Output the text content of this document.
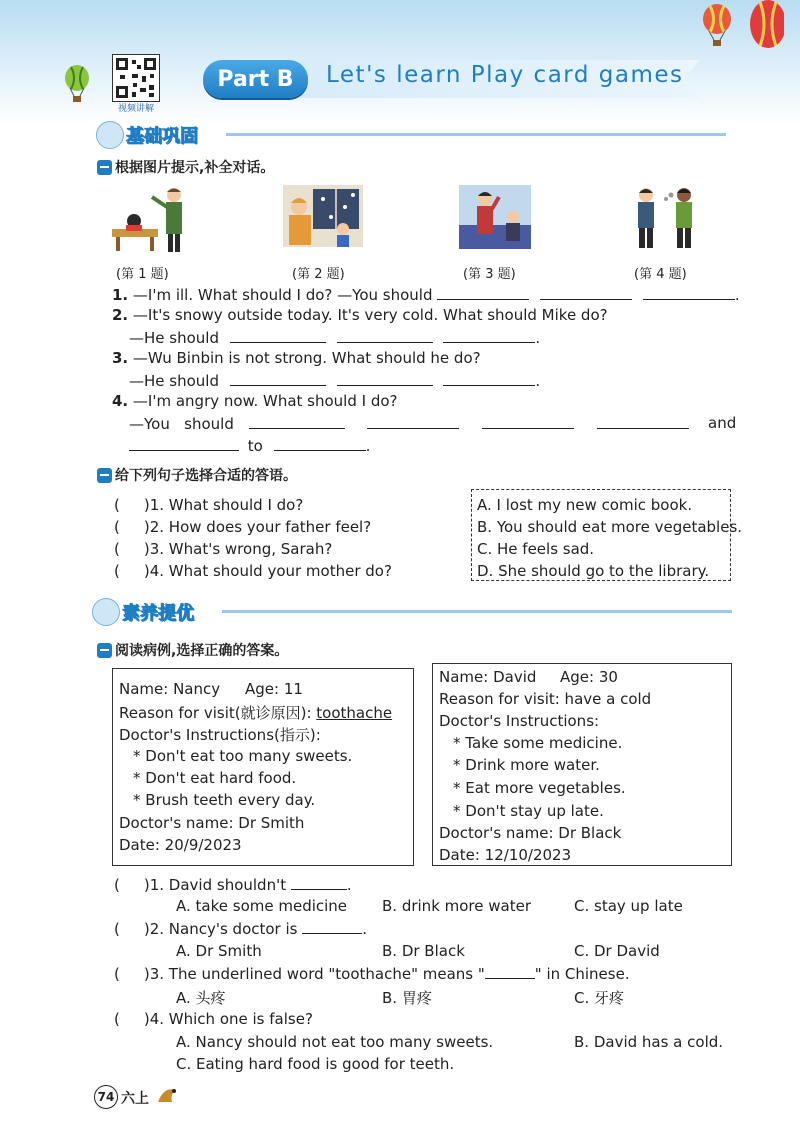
视频讲解
Part B	Let's learn Play card games
基础巩固
根据图片提示,补全对话。
(第 1 题)	(第 2 题)	(第 3 题)	(第 4 题)
1. —I'm ill. What should I do? —You should	.
2. —It's snowy outside today. It's very cold. What should Mike do?
—He should	.
3. —Wu Binbin is not strong. What should he do?
—He should	.
4. —I'm angry now. What should I do?
—You should	and
to	.
给下列句子选择合适的答语。
( )1. What should I do?
( )2. How does your father feel?
( )3. What's wrong, Sarah?
( )4. What should your mother do?
A. I lost my new comic book.
B. You should eat more vegetables.
C. He feels sad.
D. She should go to the library.
素养提优
阅读病例,选择正确的答案。
Name: Nancy Age: 11
Reason for visit(就诊原因): toothache
Doctor's Instructions(指示):
* Don't eat too many sweets.
* Don't eat hard food.
* Brush teeth every day.
Doctor's name: Dr Smith
Date: 20/9/2023
Name: David Age: 30
Reason for visit: have a cold
Doctor's Instructions:
* Take some medicine.
* Drink more water.
* Eat more vegetables.
* Don't stay up late.
Doctor's name: Dr Black
Date: 12/10/2023
( )1. David shouldn't	.
A. take some medicine B. drink more water	C. stay up late
( )2. Nancy's doctor is	.
A. Dr Smith	B. Dr Black	C. Dr David
( )3. The underlined word "toothache" means "	" in Chinese.
A. 头疼	B. 胃疼	C. 牙疼
( )4. Which one is false?
A. Nancy should not eat too many sweets.	B. David has a cold.
C. Eating hard food is good for teeth.
74 六上
